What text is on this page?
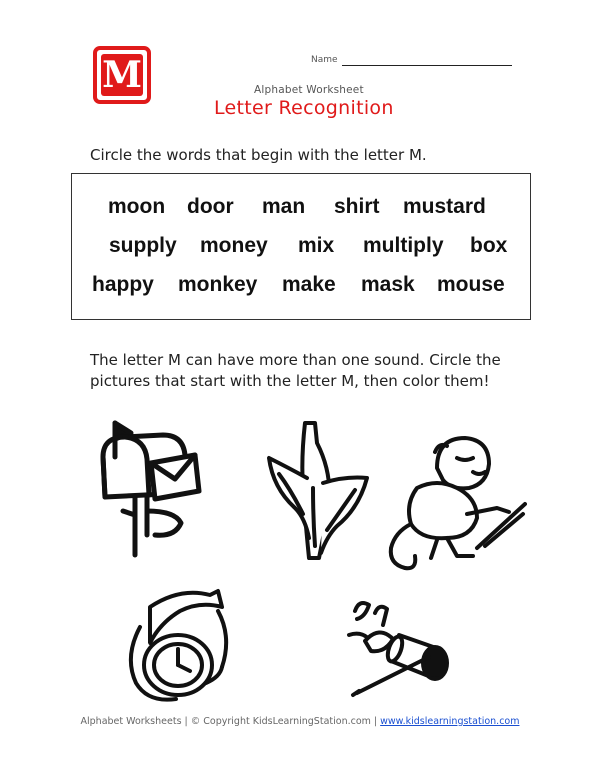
M	Name
Alphabet Worksheet
Letter Recognition
Circle the words that begin with the letter M.
moon door man shirt mustard
supply money mix multiply box
happy monkey make mask mouse
The letter M can have more than one sound. Circle the pictures that start with the letter M, then color them!
Alphabet Worksheets | © Copyright KidsLearningStation.com | www.kidslearningstation.com
